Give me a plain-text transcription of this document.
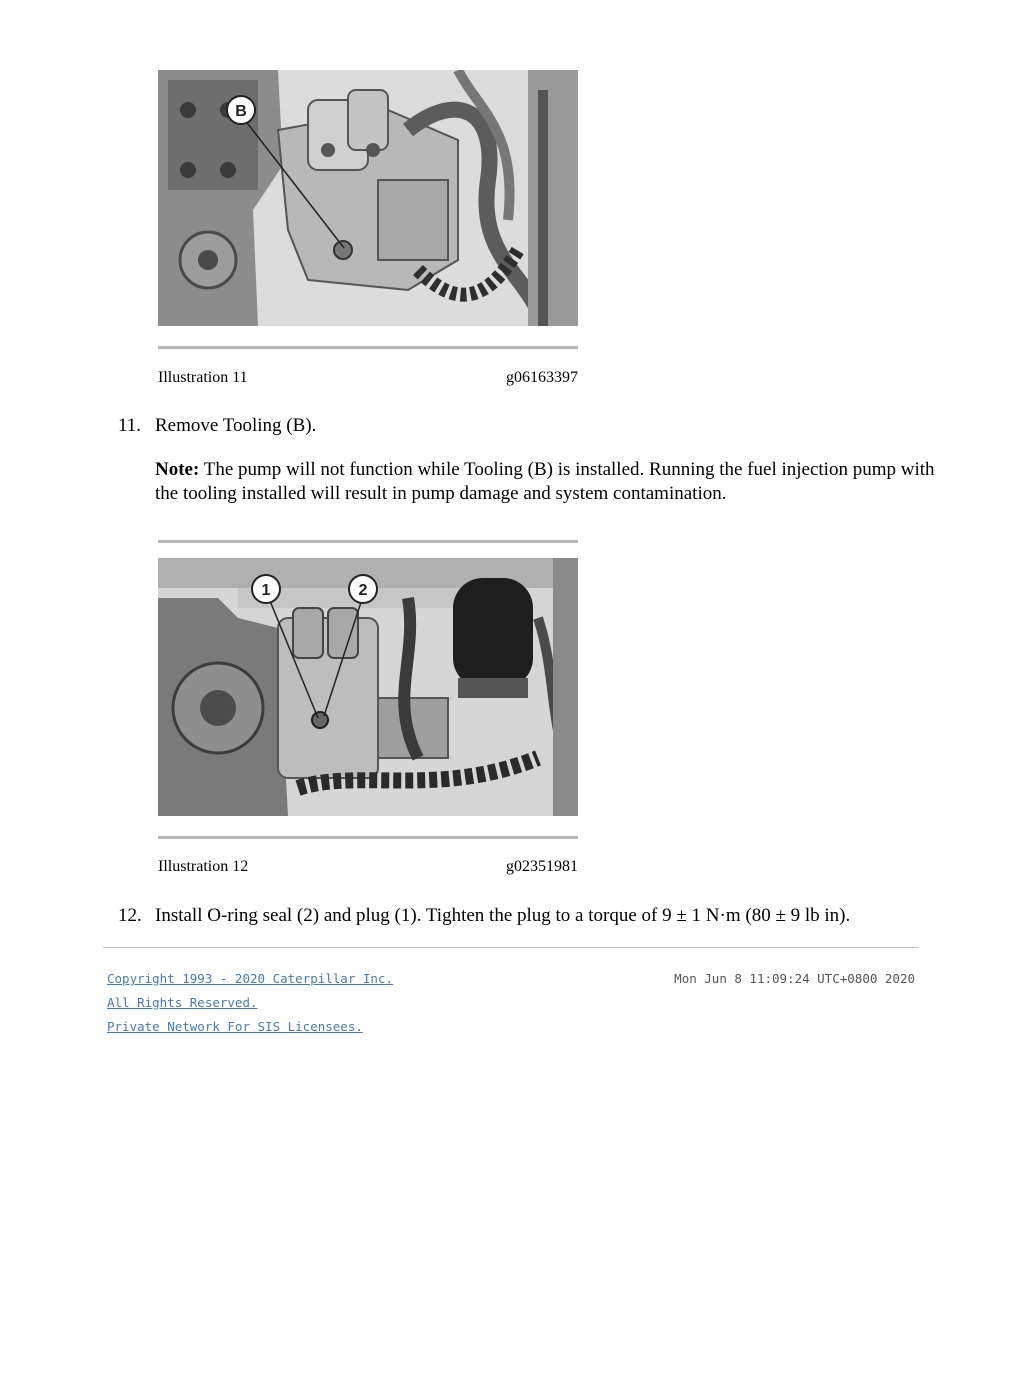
B
Illustration 11	g06163397
11. Remove Tooling (B).
Note: The pump will not function while Tooling (B) is installed. Running the fuel injection pump with the tooling installed will result in pump damage and system contamination.
1	2
Illustration 12	g02351981
12. Install O-ring seal (2) and plug (1). Tighten the plug to a torque of 9 ± 1 N·m (80 ± 9 lb in).
Copyright 1993 - 2020 Caterpillar Inc.	Mon Jun 8 11:09:24 UTC+0800 2020
All Rights Reserved.
Private Network For SIS Licensees.
